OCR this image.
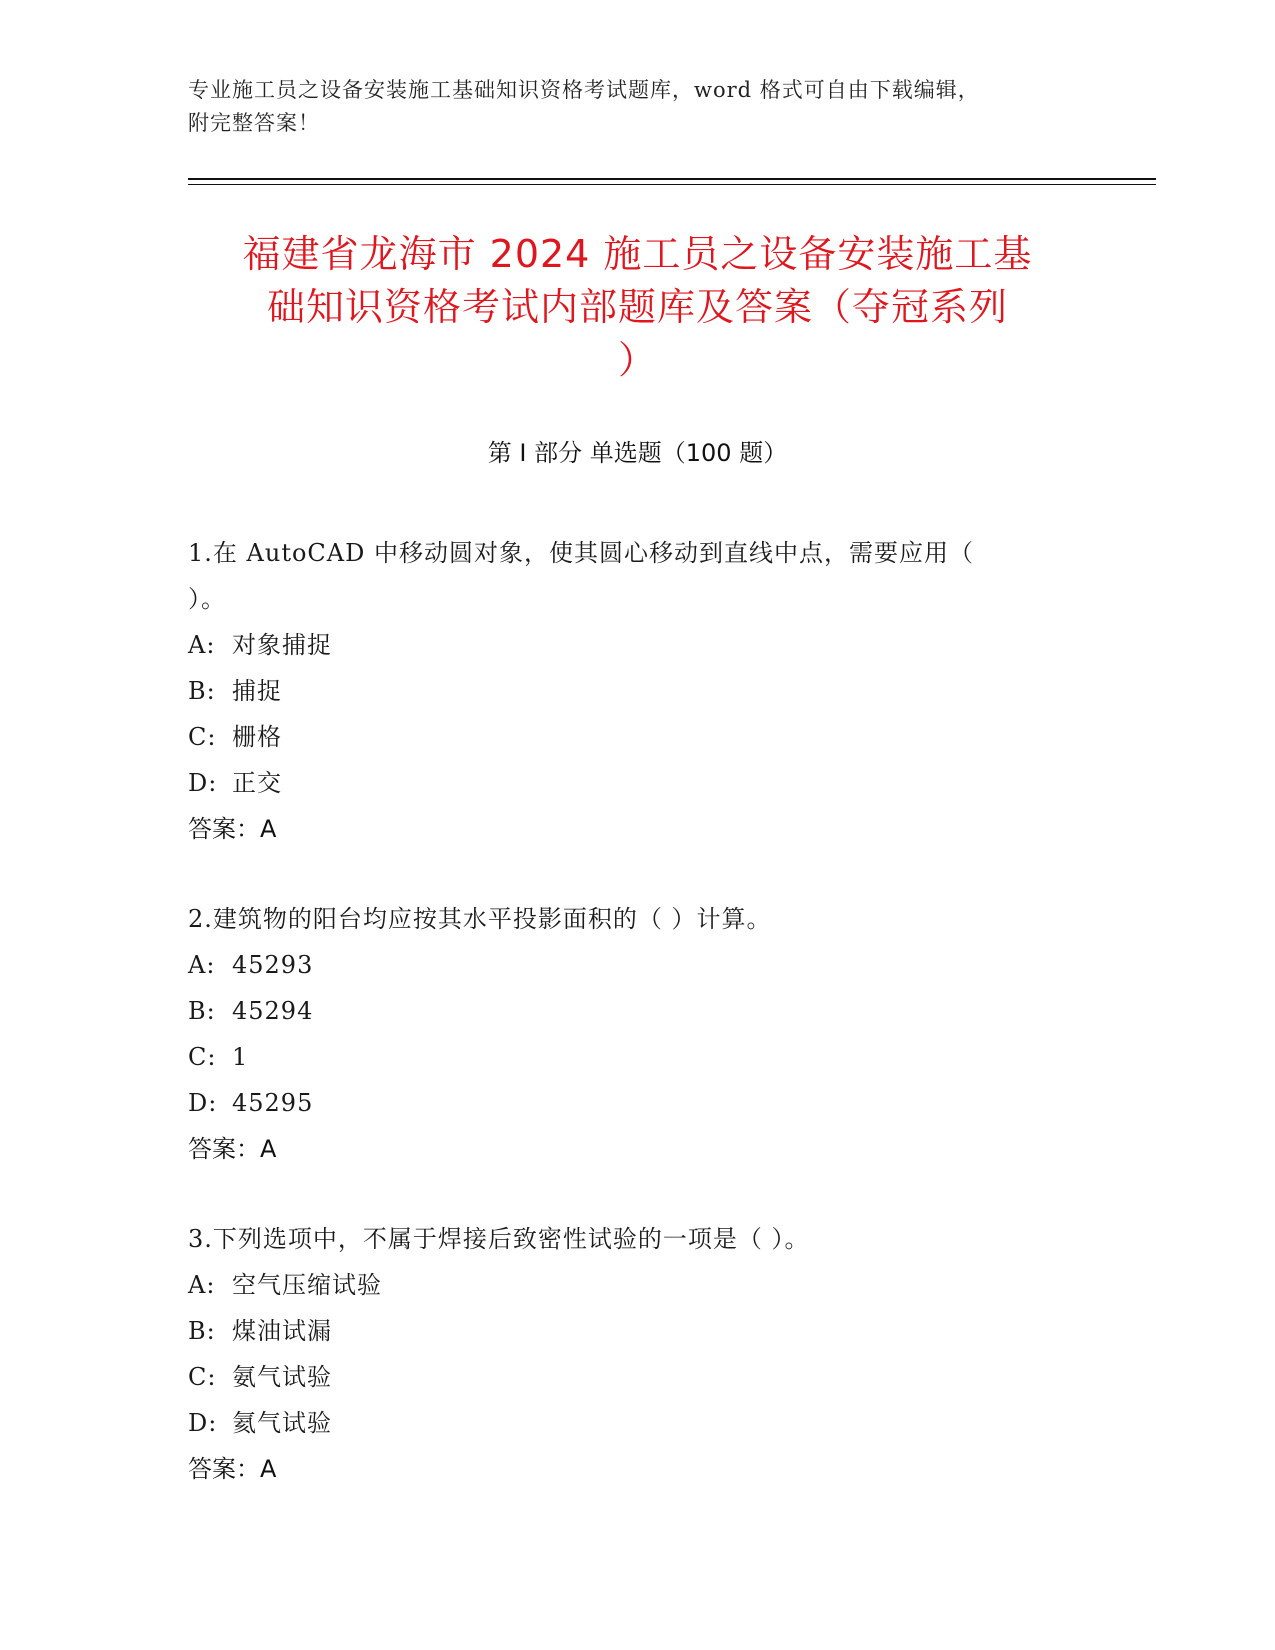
专业施工员之设备安装施工基础知识资格考试题库，word 格式可自由下载编辑，
附完整答案！
福建省龙海市 2024 施工员之设备安装施工基
础知识资格考试内部题库及答案（夺冠系列
）
第 I 部分 单选题（100 题）
1.在 AutoCAD 中移动圆对象，使其圆心移动到直线中点，需要应用（
）。
A: 对象捕捉
B: 捕捉
C: 栅格
D: 正交
答案：A
2.建筑物的阳台均应按其水平投影面积的（ ）计算。
A: 45293
B: 45294
C: 1
D: 45295
答案：A
3.下列选项中，不属于焊接后致密性试验的一项是（ ）。
A: 空气压缩试验
B: 煤油试漏
C: 氨气试验
D: 氦气试验
答案：A
